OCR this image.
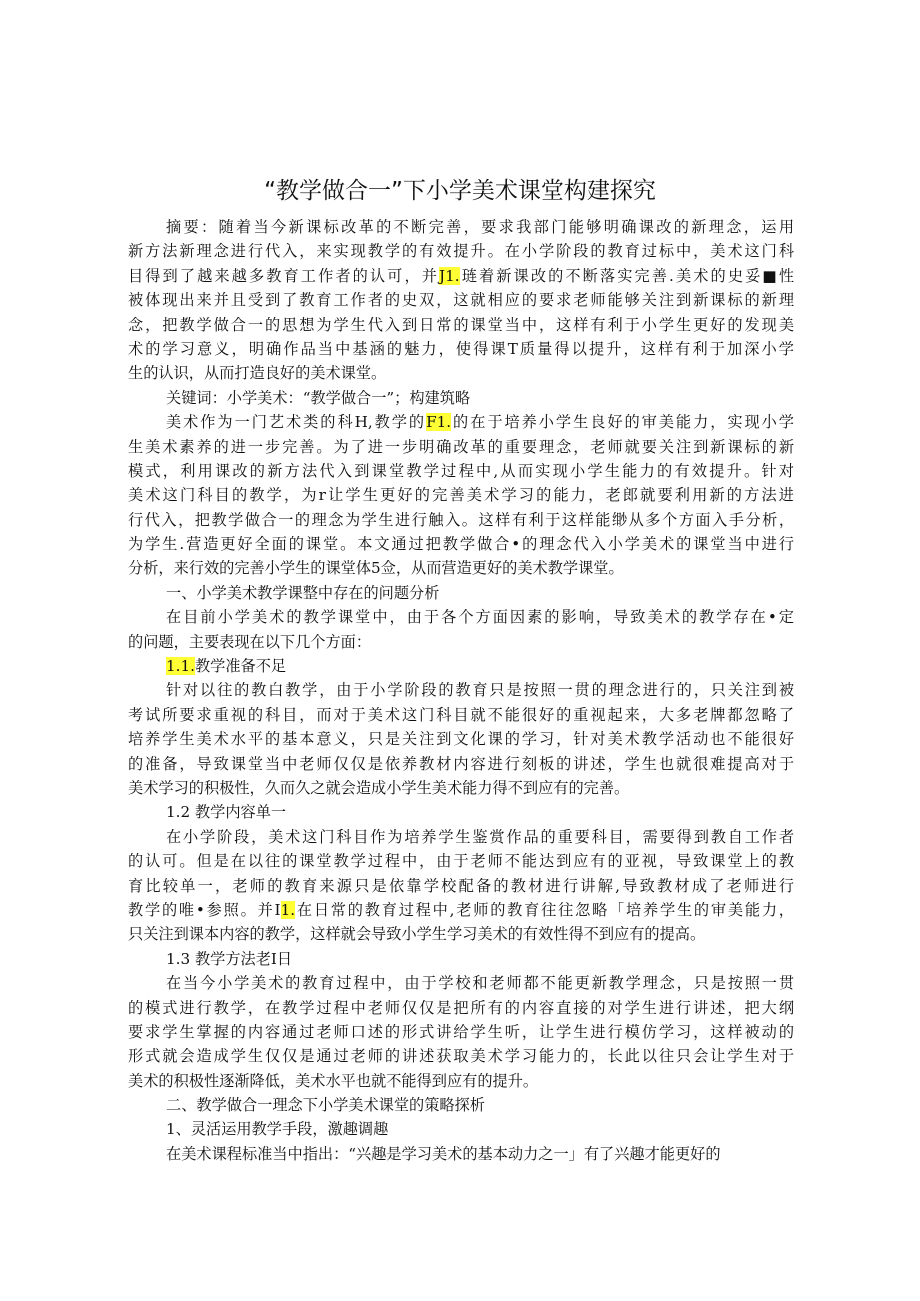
“教学做合一”下小学美术课堂构建探究
摘要：随着当今新课标改革的不断完善，要求我部门能够明确课改的新理念，运用
新方法新理念进行代入，来实现教学的有效提升。在小学阶段的教育过标中，美术这门科
目得到了越来越多教育工作者的认可，并J1.琏着新课改的不断落实完善.美术的史妥■性
被体现出来并且受到了教育工作者的史双，这就相应的要求老师能够关注到新课标的新理
念，把教学做合一的思想为学生代入到日常的课堂当中，这样有利于小学生更好的发现美
术的学习意义，明确作品当中基涵的魅力，使得课T质量得以提升，这样有利于加深小学
生的认识，从而打造良好的美术课堂。
关键词：小学美术：“教学做合一”；构建筑略
美术作为一门艺术类的科H,教学的F1.的在于培养小学生良好的审美能力，实现小学
生美术素养的进一步完善。为了进一步明确改革的重要理念，老师就要关注到新课标的新
模式，利用课改的新方法代入到课堂教学过程中,从而实现小学生能力的有效提升。针对
美术这门科目的教学，为r让学生更好的完善美术学习的能力，老郎就要利用新的方法进
行代入，把教学做合一的理念为学生进行触入。这样有利于这样能缈从多个方面入手分析，
为学生.营造更好全面的课堂。本文通过把教学做合•的理念代入小学美术的课堂当中进行
分析，来行效的完善小学生的课堂体5佥，从而营造更好的美术教学课堂。
一、小学美术教学课整中存在的问题分析
在目前小学美术的教学课堂中，由于各个方面因素的影响，导致美术的教学存在•定
的问题，主要表现在以下几个方面：
1.1.教学准备不足
针对以往的教白教学，由于小学阶段的教育只是按照一贯的理念进行的，只关注到被
考试所要求重视的科目，而对于美术这门科目就不能很好的重视起来，大多老牌都忽略了
培养学生美术水平的基本意义，只是关注到文化课的学习，针对美术教学活动也不能很好
的准备，导致课堂当中老师仅仅是依养教材内容进行刻板的讲述，学生也就很难提高对于
美术学习的积极性，久而久之就会造成小学生美术能力得不到应有的完善。
1.2 教学内容单一
在小学阶段，美术这门科目作为培养学生鉴赏作品的重要科目，需要得到教自工作者
的认可。但是在以往的课堂教学过程中，由于老师不能达到应有的亚视，导致课堂上的教
育比较单一，老师的教育来源只是依靠学校配备的教材进行讲解,导致教材成了老师进行
教学的唯•参照。并I1.在日常的教育过程中,老师的教育往往忽略「培养学生的审美能力，
只关注到课本内容的教学，这样就会导致小学生学习美术的有效性得不到应有的提高。
1.3 教学方法老I日
在当今小学美术的教育过程中，由于学校和老师都不能更新教学理念，只是按照一贯
的模式进行教学，在教学过程中老师仅仅是把所有的内容直接的对学生进行讲述，把大纲
要求学生掌握的内容通过老师口述的形式讲给学生听，让学生进行模仿学习，这样被动的
形式就会造成学生仅仅是通过老师的讲述获取美术学习能力的，长此以往只会让学生对于
美术的积极性逐渐降低，美术水平也就不能得到应有的提升。
二、教学做合一理念下小学美术课堂的策略探析
1、灵活运用教学手段，激趣调趣
在美术课程标准当中指出：“兴趣是学习美术的基本动力之一」有了兴趣才能更好的
